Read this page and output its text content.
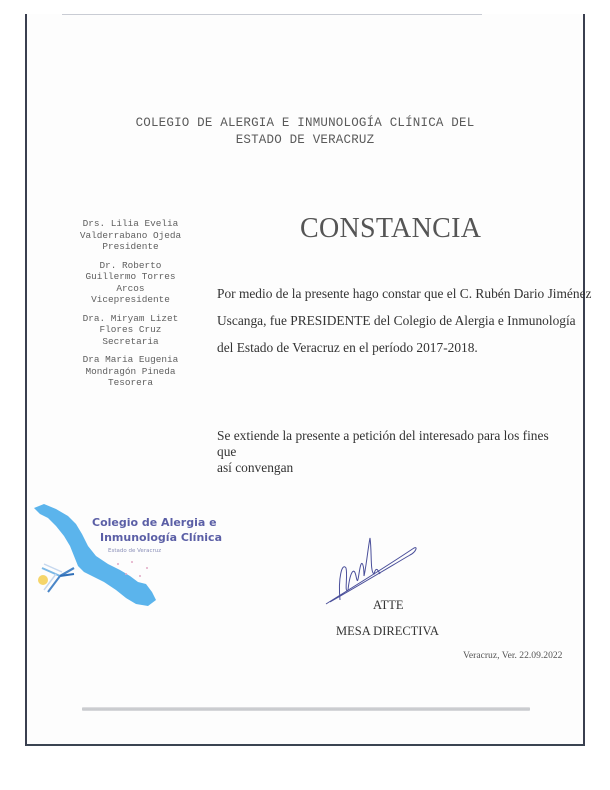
COLEGIO DE ALERGIA E INMUNOLOGÍA CLÍNICA DEL
ESTADO DE VERACRUZ
Drs. Lilia Evelia
Valderrabano Ojeda
Presidente
Dr. Roberto
Guillermo Torres
Arcos
Vicepresidente
Dra. Miryam Lizet
Flores Cruz
Secretaria
Dra Maria Eugenia
Mondragón Pineda
Tesorera
CONSTANCIA
Por medio de la presente hago constar que el C. Rubén Dario Jiménez
Uscanga, fue PRESIDENTE del Colegio de Alergia e Inmunología
del Estado de Veracruz en el período 2017-2018.
Se extiende la presente a petición del interesado para los fines que
así convengan
Colegio de Alergia e
Inmunología Clínica
Estado de Veracruz
ATTE
MESA DIRECTIVA
Veracruz, Ver. 22.09.2022
